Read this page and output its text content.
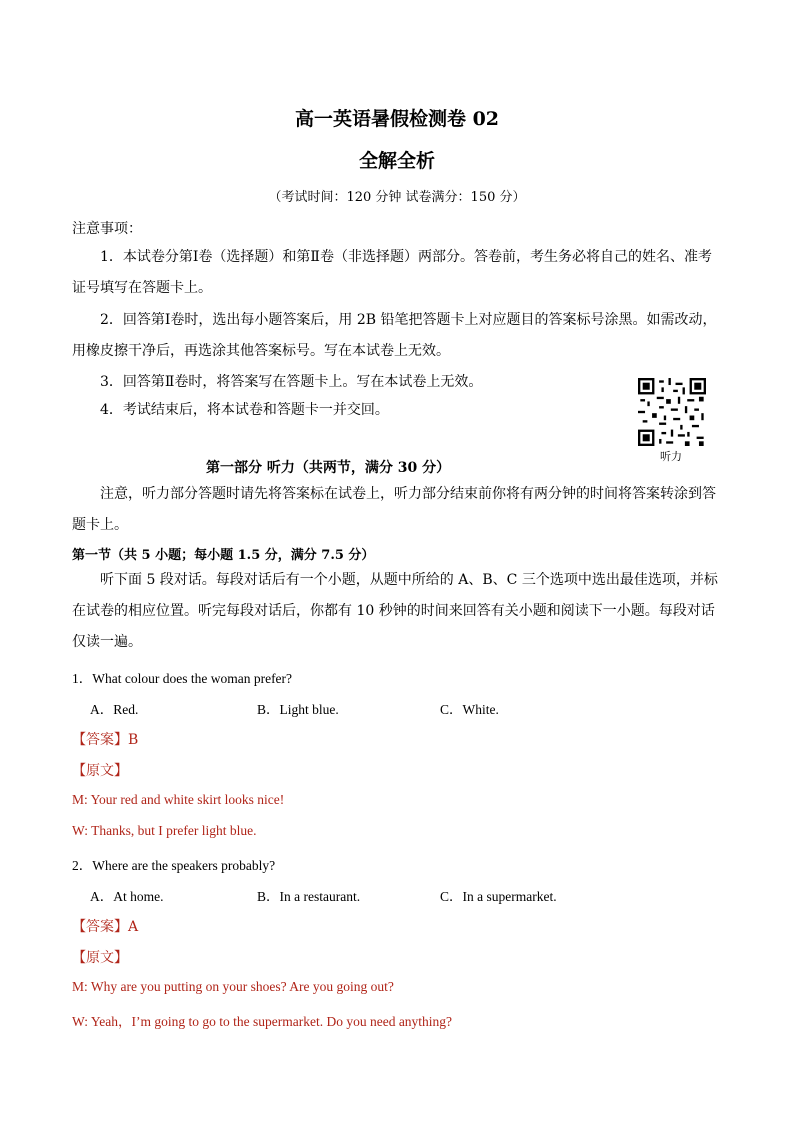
高一英语暑假检测卷 02
全解全析
（考试时间：120 分钟 试卷满分：150 分）
注意事项：
1．本试卷分第Ⅰ卷（选择题）和第Ⅱ卷（非选择题）两部分。答卷前，考生务必将自己的姓名、准考证号填写在答题卡上。
2．回答第Ⅰ卷时，选出每小题答案后，用 2B 铅笔把答题卡上对应题目的答案标号涂黑。如需改动，用橡皮擦干净后，再选涂其他答案标号。写在本试卷上无效。
3．回答第Ⅱ卷时，将答案写在答题卡上。写在本试卷上无效。
4．考试结束后，将本试卷和答题卡一并交回。
听力
第一部分 听力（共两节，满分 30 分）
注意，听力部分答题时请先将答案标在试卷上，听力部分结束前你将有两分钟的时间将答案转涂到答题卡上。
第一节（共 5 小题；每小题 1.5 分，满分 7.5 分）
听下面 5 段对话。每段对话后有一个小题，从题中所给的 A、B、C 三个选项中选出最佳选项，并标在试卷的相应位置。听完每段对话后，你都有 10 秒钟的时间来回答有关小题和阅读下一小题。每段对话仅读一遍。
1．What colour does the woman prefer?
A．Red.	B．Light blue.	C．White.
【答案】B
【原文】
M: Your red and white skirt looks nice!
W: Thanks, but I prefer light blue.
2．Where are the speakers probably?
A．At home.	B．In a restaurant.	C．In a supermarket.
【答案】A
【原文】
M: Why are you putting on your shoes? Are you going out?
W: Yeah，I’m going to go to the supermarket. Do you need anything?
